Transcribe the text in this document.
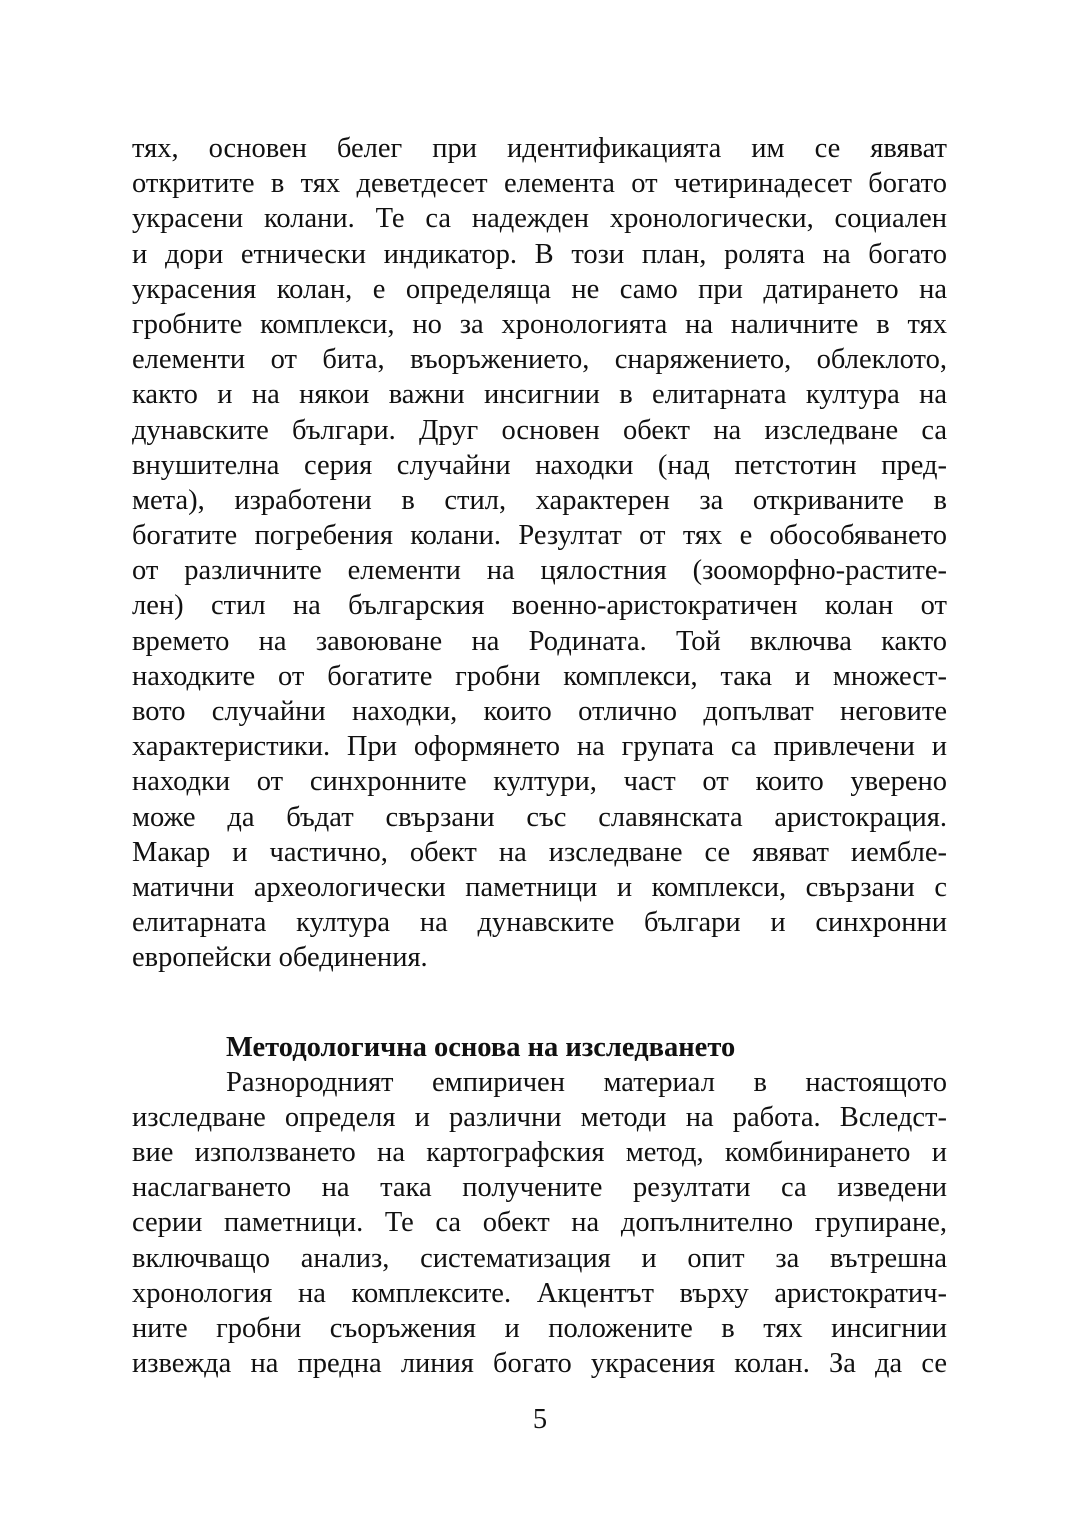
тях, основен белег при идентификацията им се явяват
откритите в тях деветдесет елемента от четиринадесет богато
украсени колани. Те са надежден хронологически, социален
и дори етнически индикатор. В този план, ролята на богато
украсения колан, е определяща не само при датирането на
гробните комплекси, но за хронологията на наличните в тях
елементи от бита, въоръжението, снаряжението, облеклото,
както и на някои важни инсигнии в елитарната култура на
дунавските българи. Друг основен обект на изследване са
внушителна серия случайни находки (над петстотин пред-
мета), изработени в стил, характерен за откриваните в
богатите погребения колани. Резултат от тях е обособяването
от различните елементи на цялостния (зооморфно-растите-
лен) стил на българския военно-аристократичен колан от
времето на завоюване на Родината. Той включва както
находките от богатите гробни комплекси, така и множест-
вото случайни находки, които отлично допълват неговите
характеристики. При оформянето на групата са привлечени и
находки от синхронните култури, част от които уверено
може да бъдат свързани със славянската аристокрация.
Макар и частично, обект на изследване се явяват иембле-
матични археологически паметници и комплекси, свързани с
елитарната култура на дунавските българи и синхронни
европейски обединения.
Методологична основа на изследването
Разнородният емпиричен материал в настоящото
изследване определя и различни методи на работа. Вследст-
вие използването на картографския метод, комбинирането и
наслагването на така получените резултати са изведени
серии паметници. Те са обект на допълнително групиране,
включващо анализ, систематизация и опит за вътрешна
хронология на комплексите. Акцентът върху аристократич-
ните гробни съоръжения и положените в тях инсигнии
извежда на предна линия богато украсения колан. За да се
5
